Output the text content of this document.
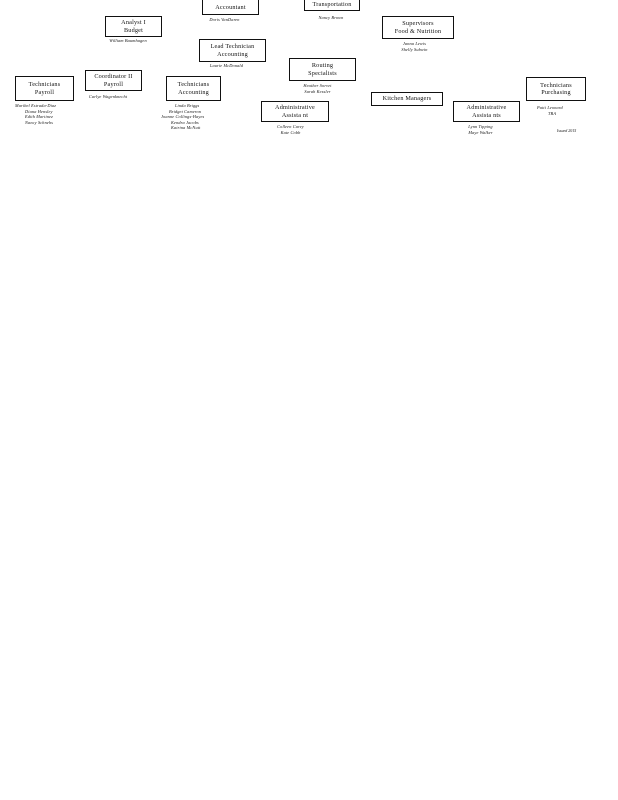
Accountant
Doris VanDaren
Transportation
Nancy Brown
Analyst I
Budget
William Baumhagen
Lead Technician
Accounting
Laurie McDonald
Supervisors
Food & Nutrition
Janna Lewis
Shelly Subwin
Routing
Specialists
Heather Sorvet
Sarah Kessler
Technicians
Payroll
Maribel Estrada-Diaz
Diana Hensley
Edith Martinez
Nancy Schnehs
Coordinator II
Payroll
Carlye Wagenknecht
Technicians
Accounting
Linda Briggs
Bridget Cameron
Joanne Collings-Hayes
Kendra Jacobs
Katrina McNutt
Kitchen Managers
Administrative
Assista nt
Colleen Carey
Kate Cobb
Administrative
Assista nts
Lynn Tipping
Maye Walker
Technicians
Purchasing
Patti Leonard
TBA
Issued 2015
